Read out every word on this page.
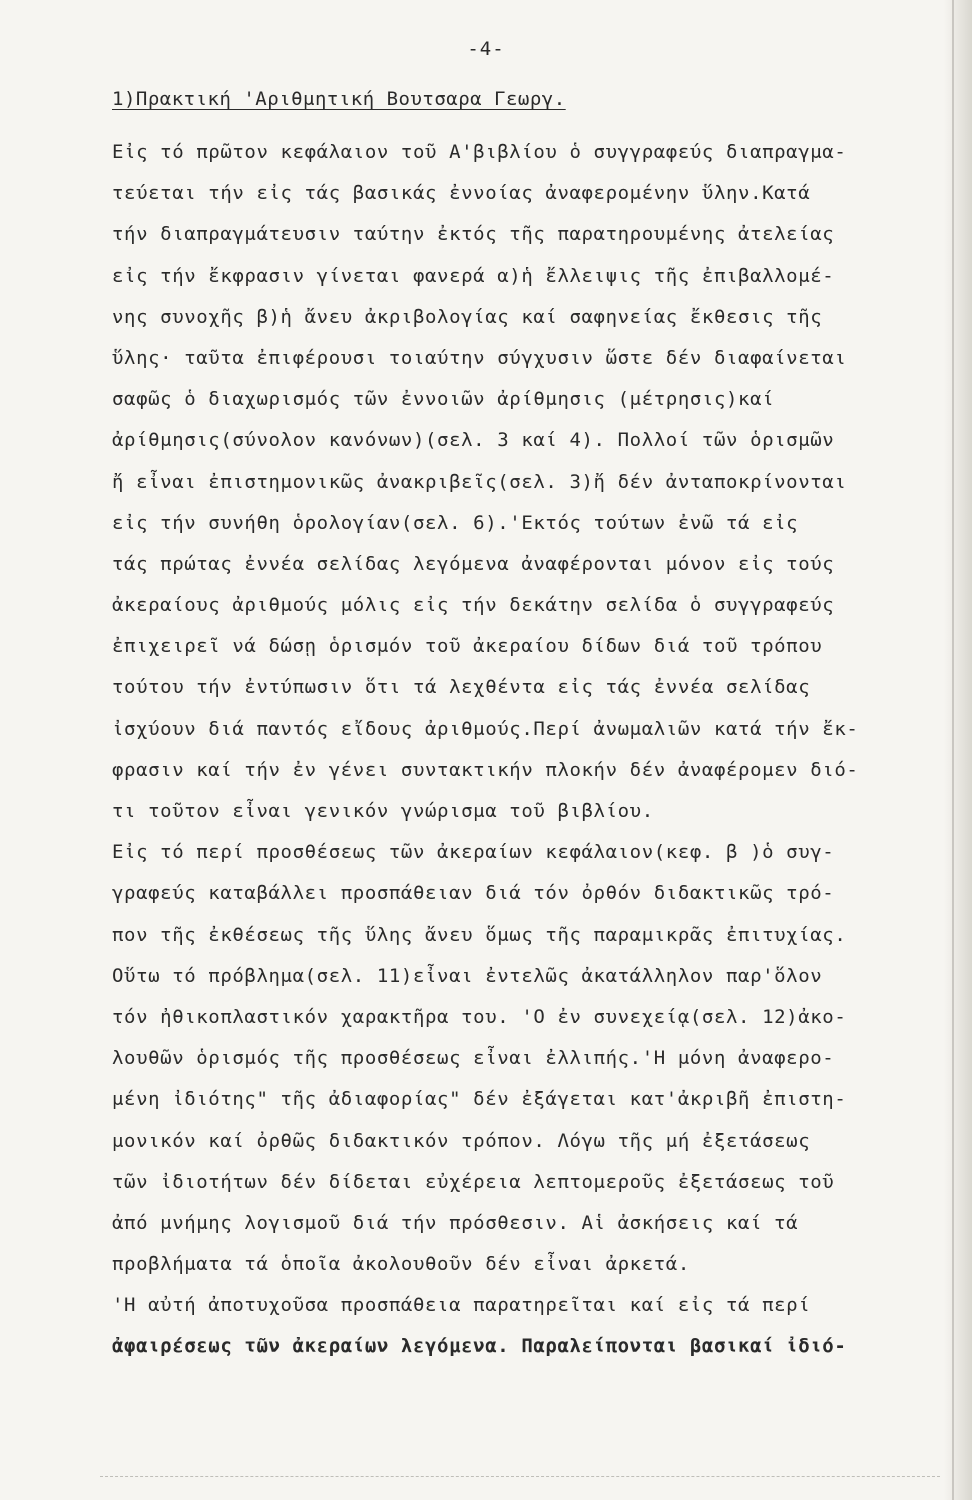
-4-
1)Πρακτική 'Αριθμητική Βουτσαρα Γεωργ.
Εἰς τό πρῶτον κεφάλαιον τοῦ Α'βιβλίου ὁ συγγραφεύς διαπραγμα-
τεύεται τήν εἰς τάς βασικάς ἐννοίας ἀναφερομένην ὕλην.Κατά
τήν διαπραγμάτευσιν ταύτην ἐκτός τῆς παρατηρουμένης ἀτελείας
εἰς τήν ἔκφρασιν γίνεται φανερά α)ἡ ἔλλειψις τῆς ἐπιβαλλομέ-
νης συνοχῆς β)ἡ ἄνευ ἀκριβολογίας καί σαφηνείας ἔκθεσις τῆς
ὕλης· ταῦτα ἐπιφέρουσι τοιαύτην σύγχυσιν ὥστε δέν διαφαίνεται
σαφῶς ὁ διαχωρισμός τῶν ἐννοιῶν ἀρίθμησις (μέτρησις)καί
ἀρίθμησις(σύνολον κανόνων)(σελ. 3 καί 4). Πολλοί τῶν ὁρισμῶν
ἤ εἶναι ἐπιστημονικῶς ἀνακριβεῖς(σελ. 3)ἤ δέν ἀνταποκρίνονται
εἰς τήν συνήθη ὁρολογίαν(σελ. 6).'Εκτός τούτων ἐνῶ τά εἰς
τάς πρώτας ἐννέα σελίδας λεγόμενα ἀναφέρονται μόνον εἰς τούς
ἀκεραίους ἀριθμούς μόλις εἰς τήν δεκάτην σελίδα ὁ συγγραφεύς
ἐπιχειρεῖ νά δώσῃ ὁρισμόν τοῦ ἀκεραίου δίδων διά τοῦ τρόπου
τούτου τήν ἐντύπωσιν ὅτι τά λεχθέντα εἰς τάς ἐννέα σελίδας
ἰσχύουν διά παντός εἴδους ἀριθμούς.Περί ἀνωμαλιῶν κατά τήν ἔκ-
φρασιν καί τήν ἐν γένει συντακτικήν πλοκήν δέν ἀναφέρομεν διό-
τι τοῦτον εἶναι γενικόν γνώρισμα τοῦ βιβλίου.
Εἰς τό περί προσθέσεως τῶν ἀκεραίων κεφάλαιον(κεφ. β )ὁ συγ-
γραφεύς καταβάλλει προσπάθειαν διά τόν ὀρθόν διδακτικῶς τρό-
πον τῆς ἐκθέσεως τῆς ὕλης ἄνευ ὅμως τῆς παραμικρᾶς ἐπιτυχίας.
Οὕτω τό πρόβλημα(σελ. 11)εἶναι ἐντελῶς ἀκατάλληλον παρ'ὅλον
τόν ἠθικοπλαστικόν χαρακτῆρα του. 'Ο ἐν συνεχείᾳ(σελ. 12)ἀκο-
λουθῶν ὁρισμός τῆς προσθέσεως εἶναι ἐλλιπής.'Η μόνη ἀναφερο-
μένη ἰδιότης" τῆς ἀδιαφορίας" δέν ἐξάγεται κατ'ἀκριβῆ ἐπιστη-
μονικόν καί ὀρθῶς διδακτικόν τρόπον. Λόγω τῆς μή ἐξετάσεως
τῶν ἰδιοτήτων δέν δίδεται εὐχέρεια λεπτομεροῦς ἐξετάσεως τοῦ
ἀπό μνήμης λογισμοῦ διά τήν πρόσθεσιν. Αἱ ἀσκήσεις καί τά
προβλήματα τά ὁποῖα ἀκολουθοῦν δέν εἶναι ἀρκετά.
'Η αὐτή ἀποτυχοῦσα προσπάθεια παρατηρεῖται καί εἰς τά περί
ἀφαιρέσεως τῶν ἀκεραίων λεγόμενα. Παραλείπονται βασικαί ἰδιό-
